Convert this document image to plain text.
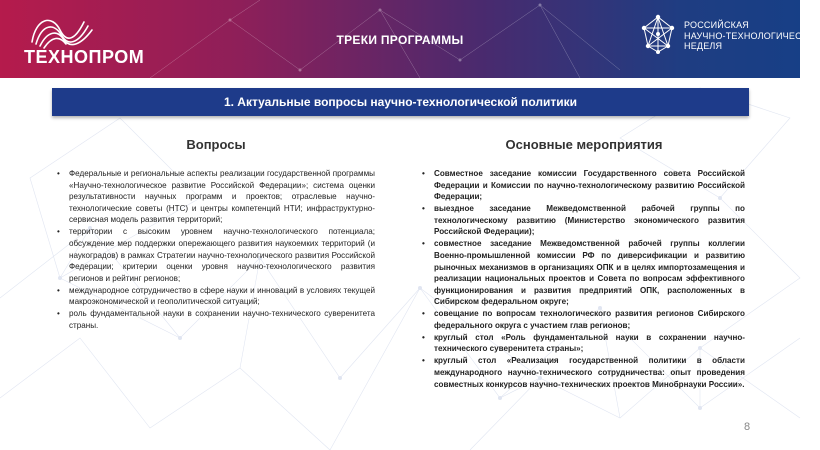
ТЕХНОПРОМ
ТРЕКИ ПРОГРАММЫ
РОССИЙСКАЯ
НАУЧНО-ТЕХНОЛОГИЧЕСКАЯ
НЕДЕЛЯ
1. Актуальные вопросы научно-технологической политики
Вопросы	Основные мероприятия
• Федеральные и региональные аспекты реализации государственной программы «Научно-технологическое развитие Российской Федерации»; система оценки результативности научных программ и проектов; отраслевые научно-технологические советы (НТС) и центры компетенций НТИ; инфраструктурно-сервисная модель развития территорий;
• территории с высоким уровнем научно-технологического потенциала; обсуждение мер поддержки опережающего развития наукоемких территорий (и наукоградов) в рамках Стратегии научно-технологического развития Российской Федерации; критерии оценки уровня научно-технологического развития регионов и рейтинг регионов;
• международное сотрудничество в сфере науки и инноваций в условиях текущей макроэкономической и геополитической ситуаций;
• роль фундаментальной науки в сохранении научно-технического суверенитета страны.
• Совместное заседание комиссии Государственного совета Российской Федерации и Комиссии по научно-технологическому развитию Российской Федерации;
• выездное заседание Межведомственной рабочей группы по технологическому развитию (Министерство экономического развития Российской Федерации);
• совместное заседание Межведомственной рабочей группы коллегии Военно-промышленной комиссии РФ по диверсификации и развитию рыночных механизмов в организациях ОПК и в целях импортозамещения и реализации национальных проектов и Совета по вопросам эффективного функционирования и развития предприятий ОПК, расположенных в Сибирском федеральном округе;
• совещание по вопросам технологического развития регионов Сибирского федерального округа с участием глав регионов;
• круглый стол «Роль фундаментальной науки в сохранении научно-технического суверенитета страны»;
• круглый стол «Реализация государственной политики в области международного научно-технического сотрудничества: опыт проведения совместных конкурсов научно-технических проектов Минобрнауки России».
8
